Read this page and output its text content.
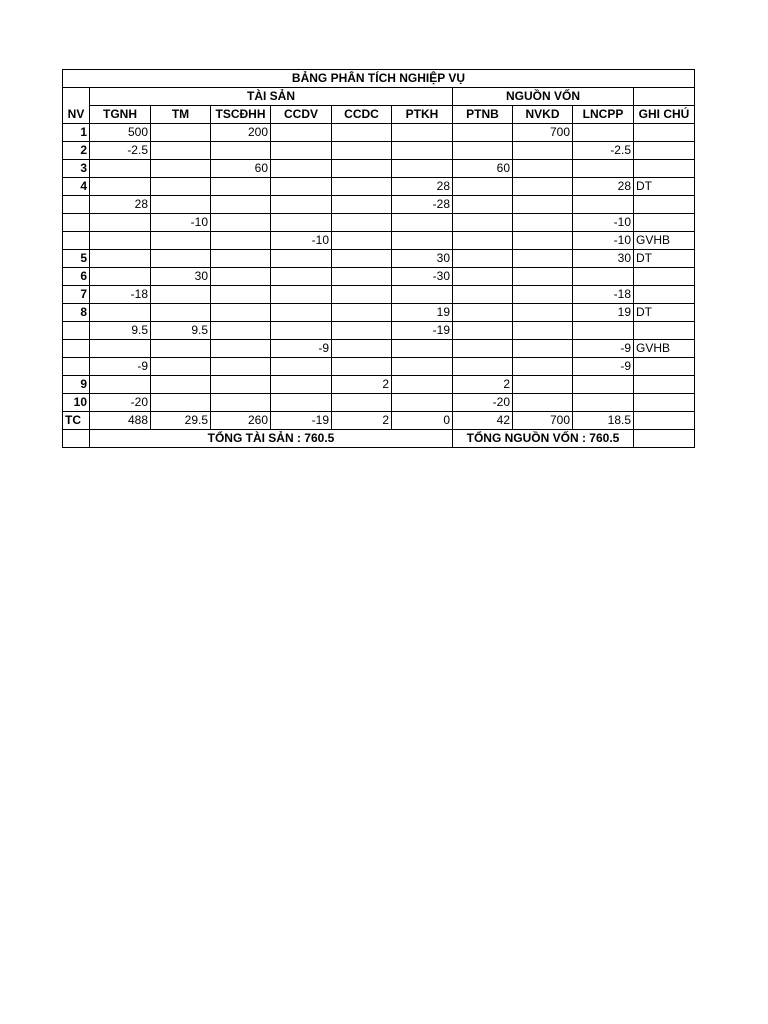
BẢNG PHÂN TÍCH NGHIỆP VỤ										
NV	TÀI SẢN						NGUỒN VỐN			
	TGNH	TM	TSCĐHH	CCDV	CCDC	PTKH	PTNB	NVKD	LNCPP	GHI CHÚ
1	500		200					700		
2	-2.5								-2.5	
3			60				60			
4						28			28	DT
	28					-28				
		-10							-10	
				-10					-10	GVHB
5						30			30	DT
6		30				-30				
7	-18								-18	
8						19			19	DT
	9.5	9.5				-19				
				-9					-9	GVHB
	-9								-9	
9					2		2			
10	-20						-20			
TC	488	29.5	260	-19	2	0	42	700	18.5	
	TỔNG TÀI SẢN : 760.5						TỔNG NGUỒN VỐN : 760.5			
